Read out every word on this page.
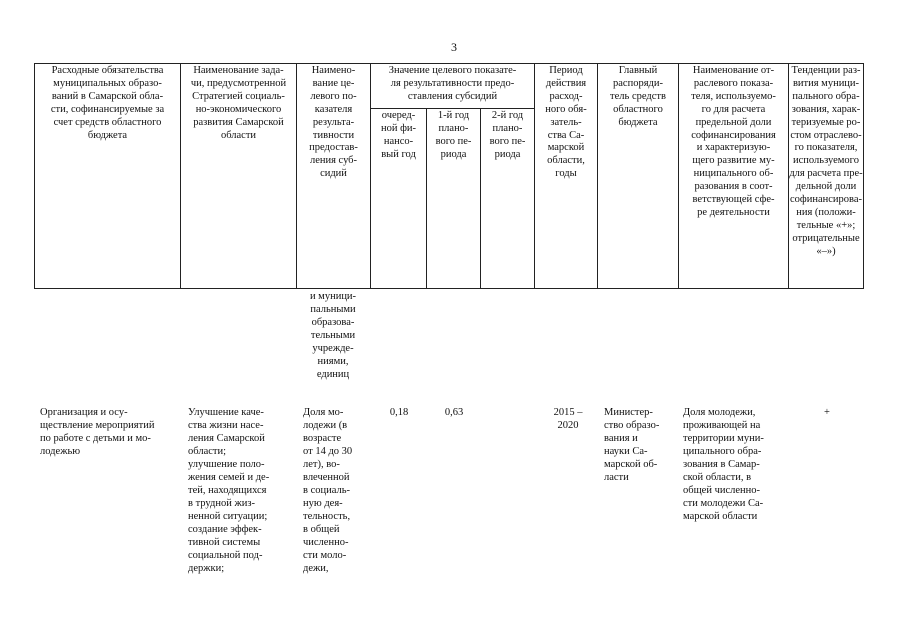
3
Расходные обязательства
муниципальных образо-
ваний в Самарской обла-
сти, софинансируемые за
счет средств областного
бюджета
Наименование зада-
чи, предусмотренной
Стратегией социаль-
но-экономического
развития Самарской
области
Наимено-
вание це-
левого по-
казателя
результа-
тивности
предостав-
ления суб-
сидий
Значение целевого показате-
ля результативности предо-
ставления субсидий
очеред-
ной фи-
нансо-
вый год
1-й год
плано-
вого пе-
риода
2-й год
плано-
вого пе-
риода
Период
действия
расход-
ного обя-
затель-
ства Са-
марской
области,
годы
Главный
распоряди-
тель средств
областного
бюджета
Наименование от-
раслевого показа-
теля, используемо-
го для расчета
предельной доли
софинансирования
и характеризую-
щего развитие му-
ниципального об-
разования в соот-
ветствующей сфе-
ре деятельности
Тенденции раз-
вития муници-
пального обра-
зования, харак-
теризуемые ро-
стом отраслево-
го показателя,
используемого
для расчета пре-
дельной доли
софинансирова-
ния (положи-
тельные «+»;
отрицательные
«–»)
и муници-
пальными
образова-
тельными
учрежде-
ниями,
единиц
Организация и осу-
ществление мероприятий
по работе с детьми и мо-
лодежью
Улучшение каче-
ства жизни насе-
ления Самарской
области;
улучшение поло-
жения семей и де-
тей, находящихся
в трудной жиз-
ненной ситуации;
создание эффек-
тивной системы
социальной под-
держки;
Доля мо-
лодежи (в
возрасте
от 14 до 30
лет), во-
влеченной
в социаль-
ную дея-
тельность,
в общей
численно-
сти моло-
дежи,
0,18	0,63	2015 –
2020
Министер-
ство образо-
вания и
науки Са-
марской об-
ласти
Доля молодежи,
проживающей на
территории муни-
ципального обра-
зования в Самар-
ской области, в
общей численно-
сти молодежи Са-
марской области
+
